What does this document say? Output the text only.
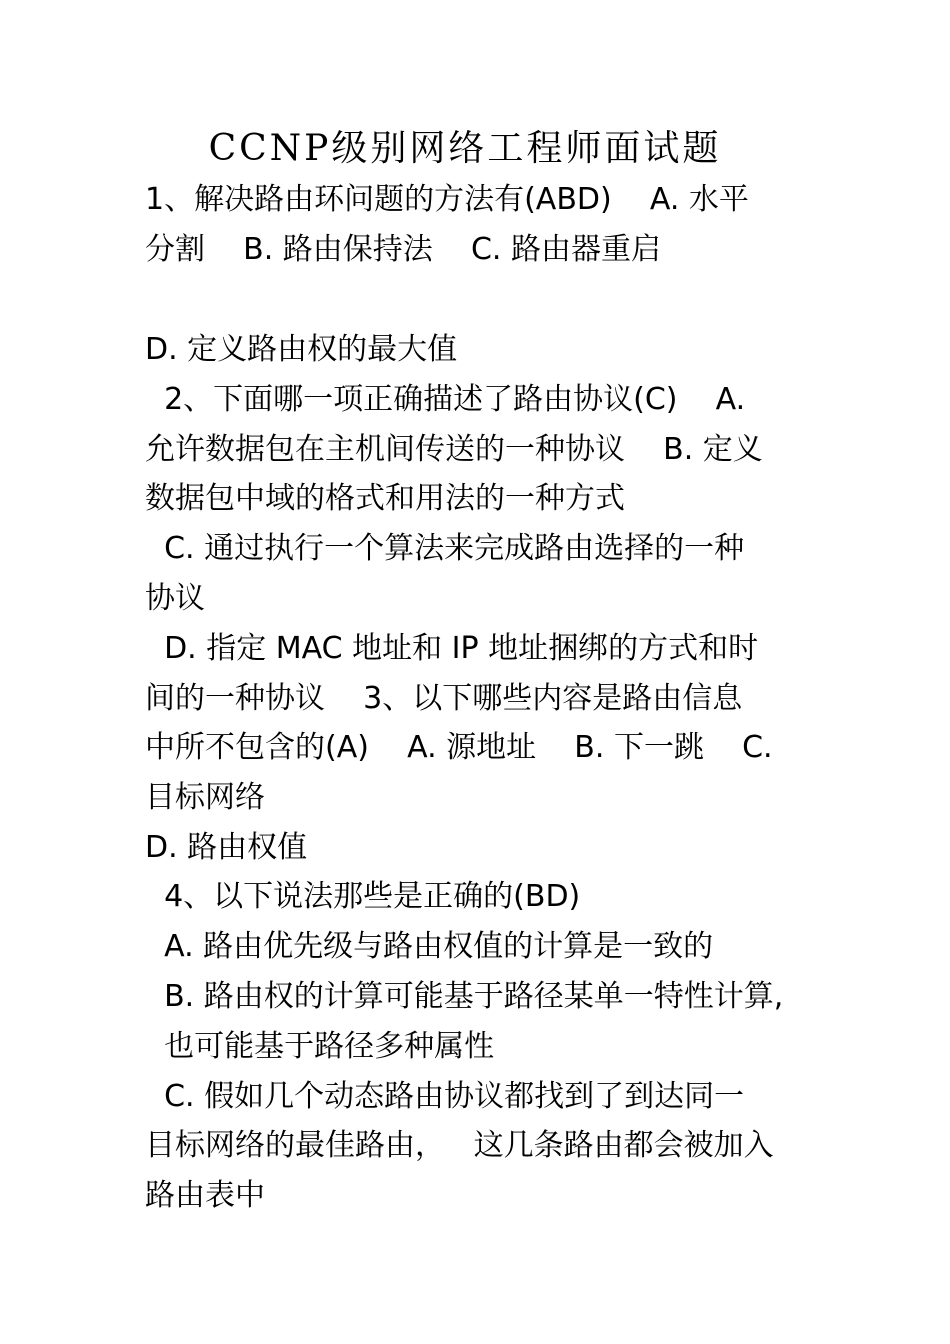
CCNP级别网络工程师面试题
1、解决路由环问题的方法有(ABD)    A. 水平
分割    B. 路由保持法    C. 路由器重启
D. 定义路由权的最大值
2、下面哪一项正确描述了路由协议(C)    A.
允许数据包在主机间传送的一种协议    B. 定义
数据包中域的格式和用法的一种方式
C. 通过执行一个算法来完成路由选择的一种
协议
D. 指定 MAC 地址和 IP 地址捆绑的方式和时
间的一种协议    3、以下哪些内容是路由信息
中所不包含的(A)    A. 源地址    B. 下一跳    C.
目标网络
D. 路由权值
4、以下说法那些是正确的(BD)
A. 路由优先级与路由权值的计算是一致的
B. 路由权的计算可能基于路径某单一特性计算,
也可能基于路径多种属性
C. 假如几个动态路由协议都找到了到达同一
目标网络的最佳路由，   这几条路由都会被加入
路由表中
